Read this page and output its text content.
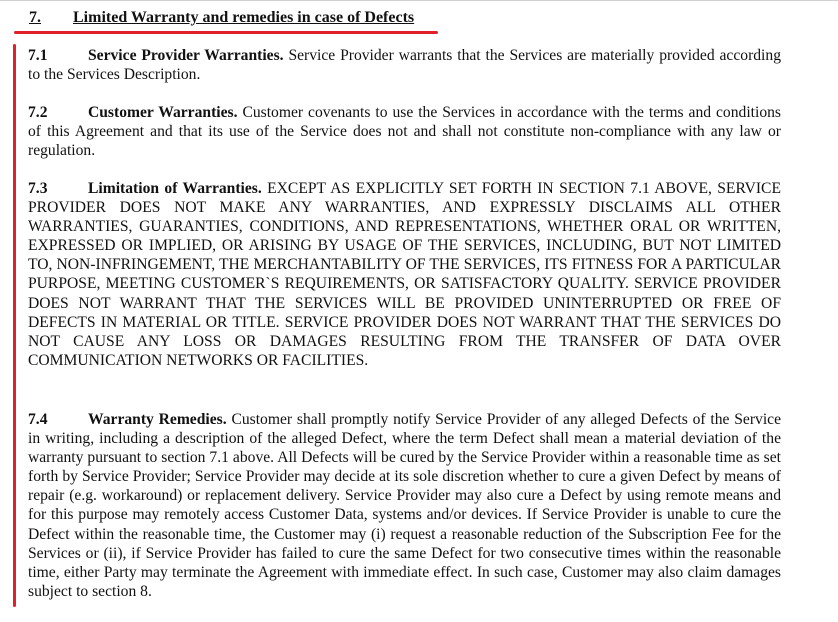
7. Limited Warranty and remedies in case of Defects
7.1	Service Provider Warranties. Service Provider warrants that the Services are materially provided according to the Services Description.
7.2	Customer Warranties. Customer covenants to use the Services in accordance with the terms and conditions of this Agreement and that its use of the Service does not and shall not constitute non-compliance with any law or regulation.
7.3	Limitation of Warranties. EXCEPT AS EXPLICITLY SET FORTH IN SECTION 7.1 ABOVE, SERVICE PROVIDER DOES NOT MAKE ANY WARRANTIES, AND EXPRESSLY DISCLAIMS ALL OTHER WARRANTIES, GUARANTIES, CONDITIONS, AND REPRESENTATIONS, WHETHER ORAL OR WRITTEN, EXPRESSED OR IMPLIED, OR ARISING BY USAGE OF THE SERVICES, INCLUDING, BUT NOT LIMITED TO, NON-INFRINGEMENT, THE MERCHANTABILITY OF THE SERVICES, ITS FITNESS FOR A PARTICULAR PURPOSE, MEETING CUSTOMER`S REQUIREMENTS, OR SATISFACTORY QUALITY. SERVICE PROVIDER DOES NOT WARRANT THAT THE SERVICES WILL BE PROVIDED UNINTERRUPTED OR FREE OF DEFECTS IN MATERIAL OR TITLE. SERVICE PROVIDER DOES NOT WARRANT THAT THE SERVICES DO NOT CAUSE ANY LOSS OR DAMAGES RESULTING FROM THE TRANSFER OF DATA OVER COMMUNICATION NETWORKS OR FACILITIES.
7.4	Warranty Remedies. Customer shall promptly notify Service Provider of any alleged Defects of the Service in writing, including a description of the alleged Defect, where the term Defect shall mean a material deviation of the warranty pursuant to section 7.1 above. All Defects will be cured by the Service Provider within a reasonable time as set forth by Service Provider; Service Provider may decide at its sole discretion whether to cure a given Defect by means of repair (e.g. workaround) or replacement delivery. Service Provider may also cure a Defect by using remote means and for this purpose may remotely access Customer Data, systems and/or devices. If Service Provider is unable to cure the Defect within the reasonable time, the Customer may (i) request a reasonable reduction of the Subscription Fee for the Services or (ii), if Service Provider has failed to cure the same Defect for two consecutive times within the reasonable time, either Party may terminate the Agreement with immediate effect. In such case, Customer may also claim damages subject to section 8.
